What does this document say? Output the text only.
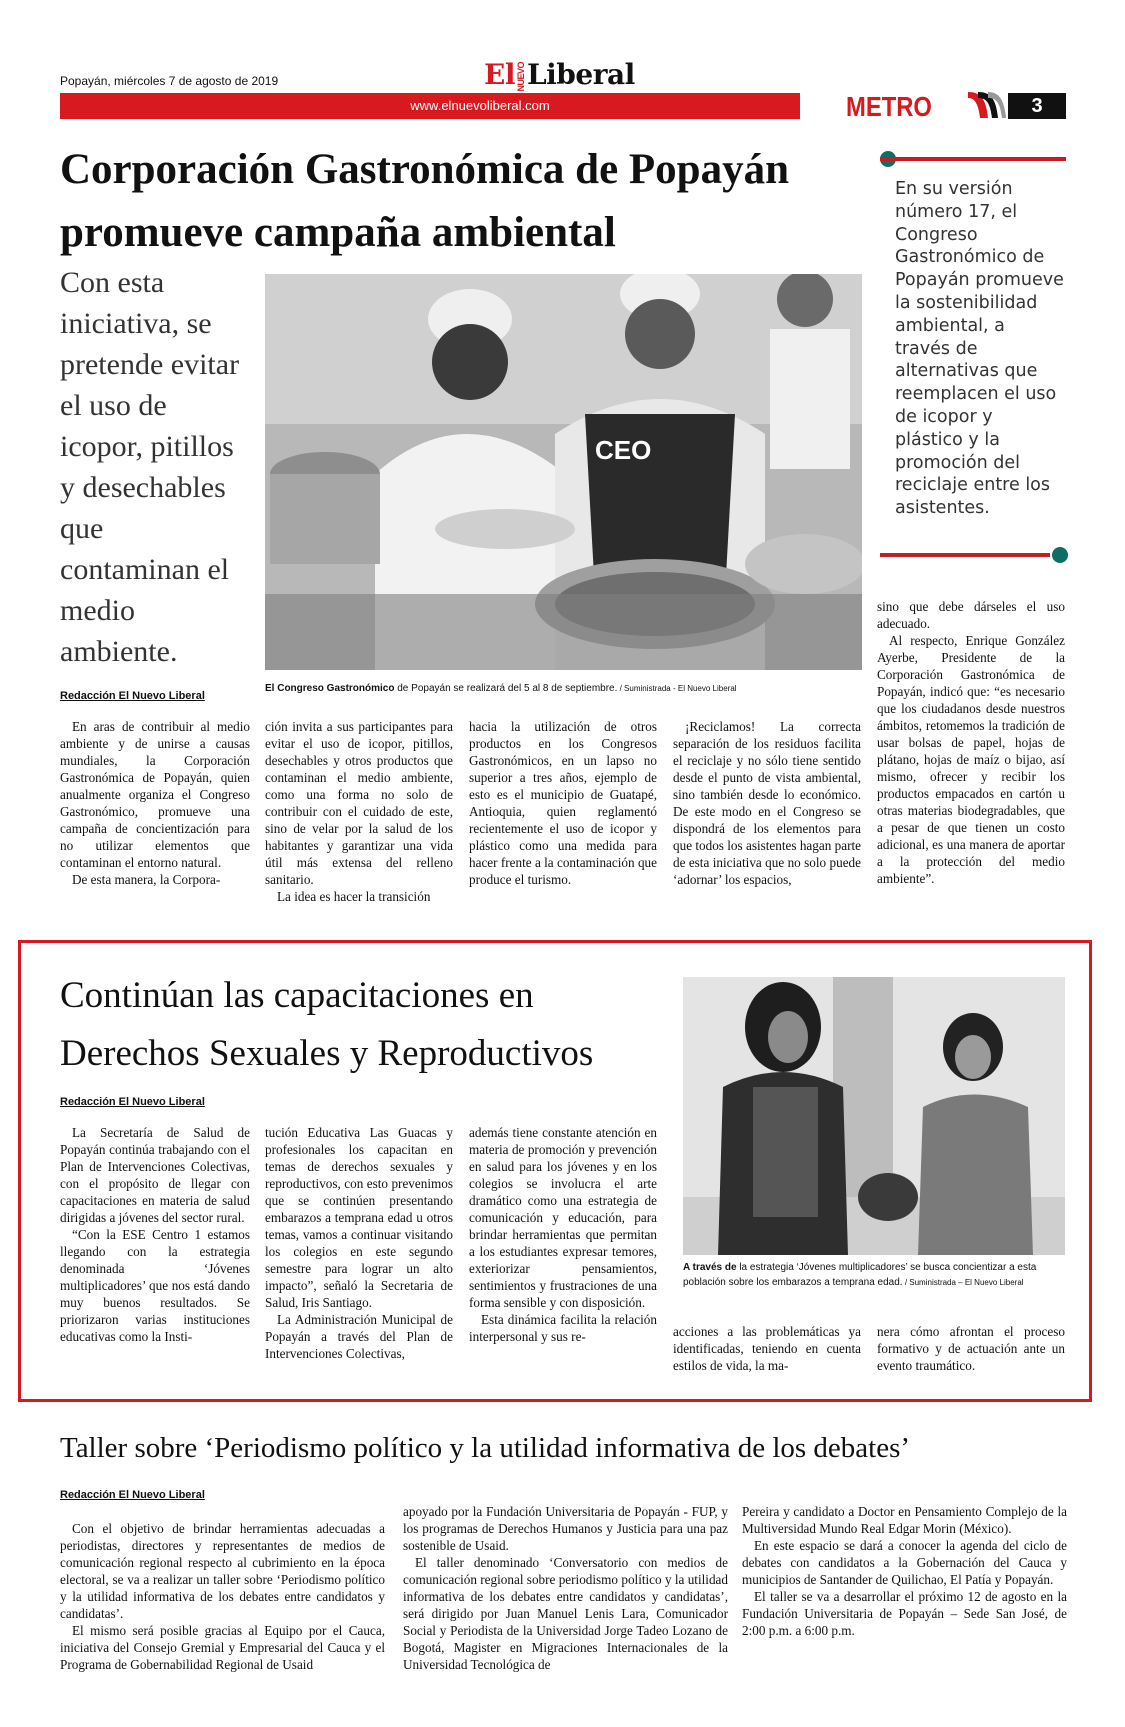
Popayán, miércoles 7 de agosto de 2019	ElNUEVOLiberal
www.elnuevoliberal.com	METRO	3
Corporación Gastronómica de Popayán promueve campaña ambiental
Con esta iniciativa, se pretende evitar el uso de icopor, pitillos y desechables que contaminan el medio ambiente.
CEO
El Congreso Gastronómico de Popayán se realizará del 5 al 8 de septiembre. / Suministrada - El Nuevo Liberal
En su versión número 17, el Congreso Gastronómico de Popayán promueve la sostenibilidad ambiental, a través de alternativas que reemplacen el uso de icopor y plástico y la promoción del reciclaje entre los asistentes.
Redacción El Nuevo Liberal

En aras de contribuir al medio ambiente y de unirse a causas mundiales, la Corporación Gastronómica de Popayán, quien anualmente organiza el Congreso Gastronómico, promueve una campaña de concientización para no utilizar elementos que contaminan el entorno natural.

De esta manera, la Corpora-

ción invita a sus participantes para evitar el uso de icopor, pitillos, desechables y otros productos que contaminan el medio ambiente, como una forma no solo de contribuir con el cuidado de este, sino de velar por la salud de los habitantes y garantizar una vida útil más extensa del relleno sanitario.

La idea es hacer la transición

hacia la utilización de otros productos en los Congresos Gastronómicos, en un lapso no superior a tres años, ejemplo de esto es el municipio de Guatapé, Antioquia, quien reglamentó recientemente el uso de icopor y plástico como una medida para hacer frente a la contaminación que produce el turismo.

¡Reciclamos! La correcta separación de los residuos facilita el reciclaje y no sólo tiene sentido desde el punto de vista ambiental, sino también desde lo económico. De este modo en el Congreso se dispondrá de los elementos para que todos los asistentes hagan parte de esta iniciativa que no solo puede ‘adornar’ los espacios,

sino que debe dárseles el uso adecuado.

Al respecto, Enrique González Ayerbe, Presidente de la Corporación Gastronómica de Popayán, indicó que: “es necesario que los ciudadanos desde nuestros ámbitos, retomemos la tradición de usar bolsas de papel, hojas de plátano, hojas de maíz o bijao, así mismo, ofrecer y recibir los productos empacados en cartón u otras materias biodegradables, que a pesar de que tienen un costo adicional, es una manera de aportar a la protección del medio ambiente”.

Continúan las capacitaciones en Derechos Sexuales y Reproductivos
Redacción El Nuevo Liberal
A través de la estrategia ‘Jóvenes multiplicadores’ se busca concientizar a esta población sobre los embarazos a temprana edad. / Suministrada – El Nuevo Liberal

La Secretaría de Salud de Popayán continúa trabajando con el Plan de Intervenciones Colectivas, con el propósito de llegar con capacitaciones en materia de salud dirigidas a jóvenes del sector rural.

“Con la ESE Centro 1 estamos llegando con la estrategia denominada ‘Jóvenes multiplicadores’ que nos está dando muy buenos resultados. Se priorizaron varias instituciones educativas como la Insti-

tución Educativa Las Guacas y profesionales los capacitan en temas de derechos sexuales y reproductivos, con esto prevenimos que se continúen presentando embarazos a temprana edad u otros temas, vamos a continuar visitando los colegios en este segundo semestre para lograr un alto impacto”, señaló la Secretaria de Salud, Iris Santiago.

La Administración Municipal de Popayán a través del Plan de Intervenciones Colectivas,

además tiene constante atención en materia de promoción y prevención en salud para los jóvenes y en los colegios se involucra el arte dramático como una estrategia de comunicación y educación, para brindar herramientas que permitan a los estudiantes expresar temores, exteriorizar pensamientos, sentimientos y frustraciones de una forma sensible y con disposición.

Esta dinámica facilita la relación interpersonal y sus re-	acciones a las problemáticas ya identificadas, teniendo en cuenta estilos de vida, la ma-

nera cómo afrontan el proceso formativo y de actuación ante un evento traumático.

Taller sobre ‘Periodismo político y la utilidad informativa de los debates’
Redacción El Nuevo Liberal

Con el objetivo de brindar herramientas adecuadas a periodistas, directores y representantes de medios de comunicación regional respecto al cubrimiento en la época electoral, se va a realizar un taller sobre ‘Periodismo político y la utilidad informativa de los debates entre candidatos y candidatas’.

El mismo será posible gracias al Equipo por el Cauca, iniciativa del Consejo Gremial y Empresarial del Cauca y el Programa de Gobernabilidad Regional de Usaid

apoyado por la Fundación Universitaria de Popayán - FUP, y los programas de Derechos Humanos y Justicia para una paz sostenible de Usaid.

El taller denominado ‘Conversatorio con medios de comunicación regional sobre periodismo político y la utilidad informativa de los debates entre candidatos y candidatas’, será dirigido por Juan Manuel Lenis Lara, Comunicador Social y Periodista de la Universidad Jorge Tadeo Lozano de Bogotá, Magister en Migraciones Internacionales de la Universidad Tecnológica de

Pereira y candidato a Doctor en Pensamiento Complejo de la Multiversidad Mundo Real Edgar Morin (México).

En este espacio se dará a conocer la agenda del ciclo de debates con candidatos a la Gobernación del Cauca y municipios de Santander de Quilichao, El Patía y Popayán.

El taller se va a desarrollar el próximo 12 de agosto en la Fundación Universitaria de Popayán – Sede San José, de 2:00 p.m. a 6:00 p.m.
